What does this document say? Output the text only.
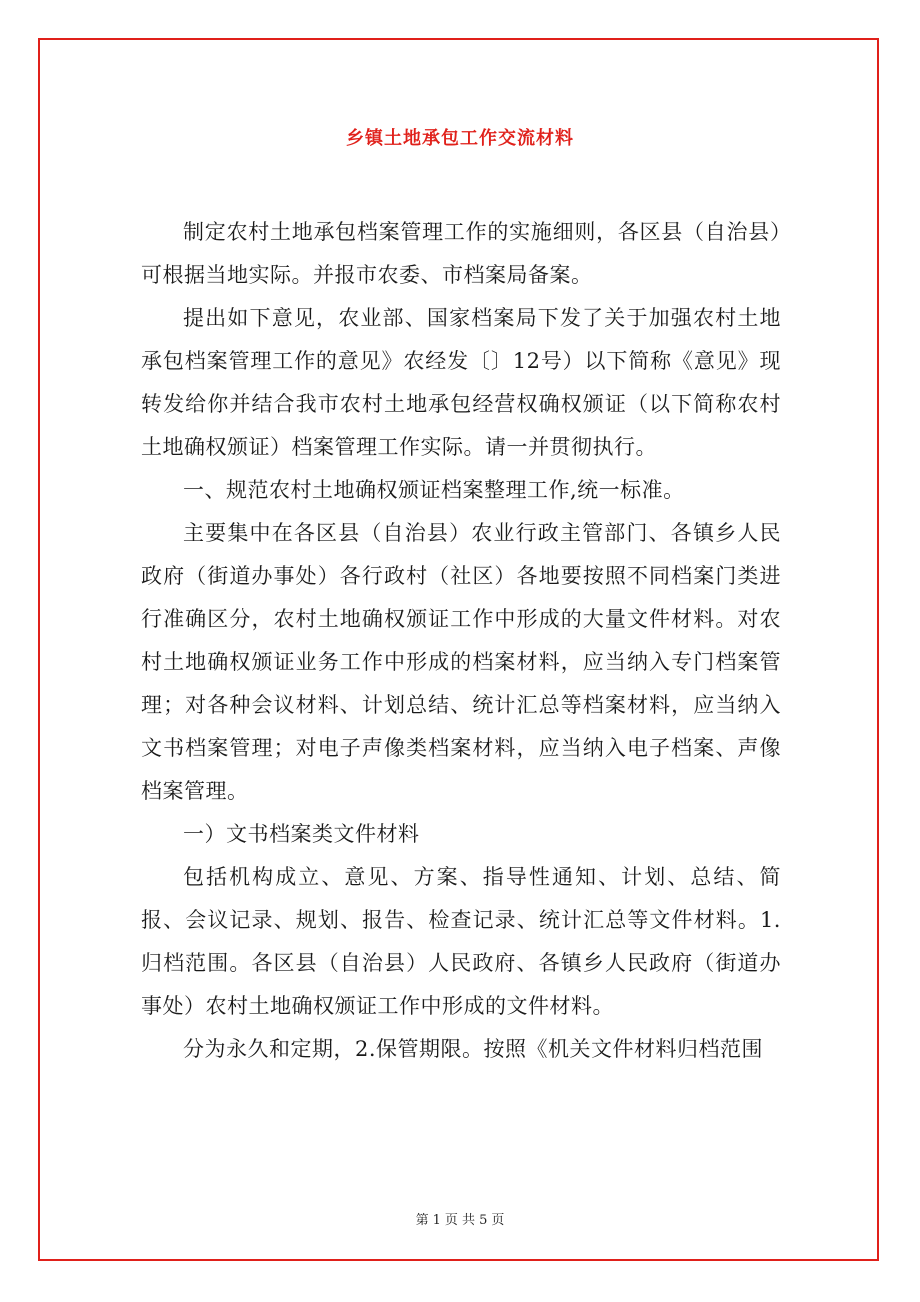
乡镇土地承包工作交流材料

制定农村土地承包档案管理工作的实施细则，各区县（自治县）可根据当地实际。并报市农委、市档案局备案。

提出如下意见，农业部、国家档案局下发了关于加强农村土地承包档案管理工作的意见》农经发〔〕12号）以下简称《意见》现转发给你并结合我市农村土地承包经营权确权颁证（以下简称农村土地确权颁证）档案管理工作实际。请一并贯彻执行。

一、规范农村土地确权颁证档案整理工作,统一标准。

主要集中在各区县（自治县）农业行政主管部门、各镇乡人民政府（街道办事处）各行政村（社区）各地要按照不同档案门类进行准确区分，农村土地确权颁证工作中形成的大量文件材料。对农村土地确权颁证业务工作中形成的档案材料，应当纳入专门档案管理；对各种会议材料、计划总结、统计汇总等档案材料，应当纳入文书档案管理；对电子声像类档案材料，应当纳入电子档案、声像档案管理。

一）文书档案类文件材料

包括机构成立、意见、方案、指导性通知、计划、总结、简报、会议记录、规划、报告、检查记录、统计汇总等文件材料。1.归档范围。各区县（自治县）人民政府、各镇乡人民政府（街道办事处）农村土地确权颁证工作中形成的文件材料。

分为永久和定期，2.保管期限。按照《机关文件材料归档范围

第 1 页 共 5 页
